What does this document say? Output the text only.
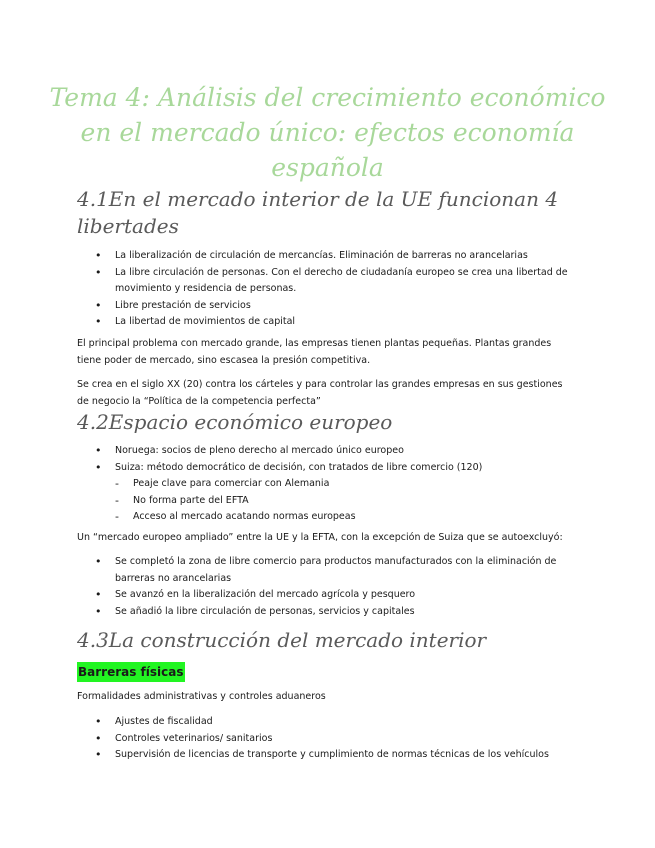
Tema 4: Análisis del crecimiento económico en el mercado único: efectos economía española
4.1En el mercado interior de la UE funcionan 4 libertades
• La liberalización de circulación de mercancías. Eliminación de barreras no arancelarias
• La libre circulación de personas. Con el derecho de ciudadanía europeo se crea una libertad de movimiento y residencia de personas.
• Libre prestación de servicios
• La libertad de movimientos de capital

El principal problema con mercado grande, las empresas tienen plantas pequeñas. Plantas grandes tiene poder de mercado, sino escasea la presión competitiva.

Se crea en el siglo XX (20) contra los cárteles y para controlar las grandes empresas en sus gestiones de negocio la “Política de la competencia perfecta”

4.2Espacio económico europeo
• Noruega: socios de pleno derecho al mercado único europeo
• Suiza: método democrático de decisión, con tratados de libre comercio (120)
- Peaje clave para comerciar con Alemania
- No forma parte del EFTA
- Acceso al mercado acatando normas europeas

Un “mercado europeo ampliado” entre la UE y la EFTA, con la excepción de Suiza que se autoexcluyó:

• Se completó la zona de libre comercio para productos manufacturados con la eliminación de barreras no arancelarias
• Se avanzó en la liberalización del mercado agrícola y pesquero
• Se añadió la libre circulación de personas, servicios y capitales
4.3La construcción del mercado interior
Barreras físicas

Formalidades administrativas y controles aduaneros

• Ajustes de fiscalidad
• Controles veterinarios/ sanitarios
• Supervisión de licencias de transporte y cumplimiento de normas técnicas de los vehículos
